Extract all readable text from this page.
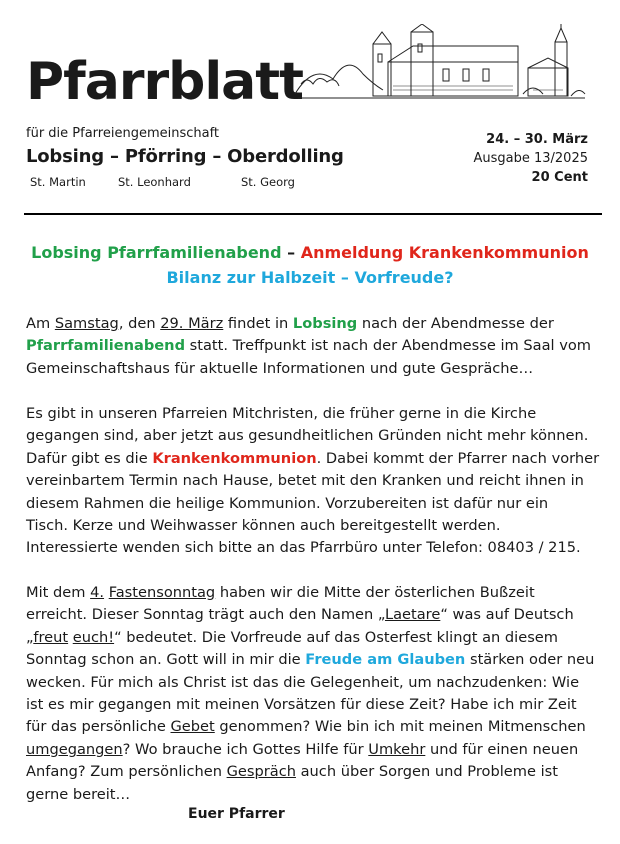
Pfarrblatt
für die Pfarreiengemeinschaft
Lobsing – Pförring – Oberdolling
St. Martin	St. Leonhard	St. Georg
24. – 30. März
Ausgabe 13/2025
20 Cent
Lobsing Pfarrfamilienabend – Anmeldung Krankenkommunion
Bilanz zur Halbzeit – Vorfreude?

Am Samstag, den 29. März findet in Lobsing nach der Abendmesse der

Pfarrfamilienabend statt. Treffpunkt ist nach der Abendmesse im Saal vom

Gemeinschaftshaus für aktuelle Informationen und gute Gespräche…

Es gibt in unseren Pfarreien Mitchristen, die früher gerne in die Kirche

gegangen sind, aber jetzt aus gesundheitlichen Gründen nicht mehr können.

Dafür gibt es die Krankenkommunion. Dabei kommt der Pfarrer nach vorher

vereinbartem Termin nach Hause, betet mit den Kranken und reicht ihnen in

diesem Rahmen die heilige Kommunion. Vorzubereiten ist dafür nur ein

Tisch. Kerze und Weihwasser können auch bereitgestellt werden.

Interessierte wenden sich bitte an das Pfarrbüro unter Telefon: 08403 / 215.

Mit dem 4. Fastensonntag haben wir die Mitte der österlichen Bußzeit

erreicht. Dieser Sonntag trägt auch den Namen „Laetare“ was auf Deutsch

„freut euch!“ bedeutet. Die Vorfreude auf das Osterfest klingt an diesem

Sonntag schon an. Gott will in mir die Freude am Glauben stärken oder neu

wecken. Für mich als Christ ist das die Gelegenheit, um nachzudenken: Wie

ist es mir gegangen mit meinen Vorsätzen für diese Zeit? Habe ich mir Zeit

für das persönliche Gebet genommen? Wie bin ich mit meinen Mitmenschen

umgegangen? Wo brauche ich Gottes Hilfe für Umkehr und für einen neuen

Anfang? Zum persönlichen Gespräch auch über Sorgen und Probleme ist

gerne bereit…

Euer Pfarrer
